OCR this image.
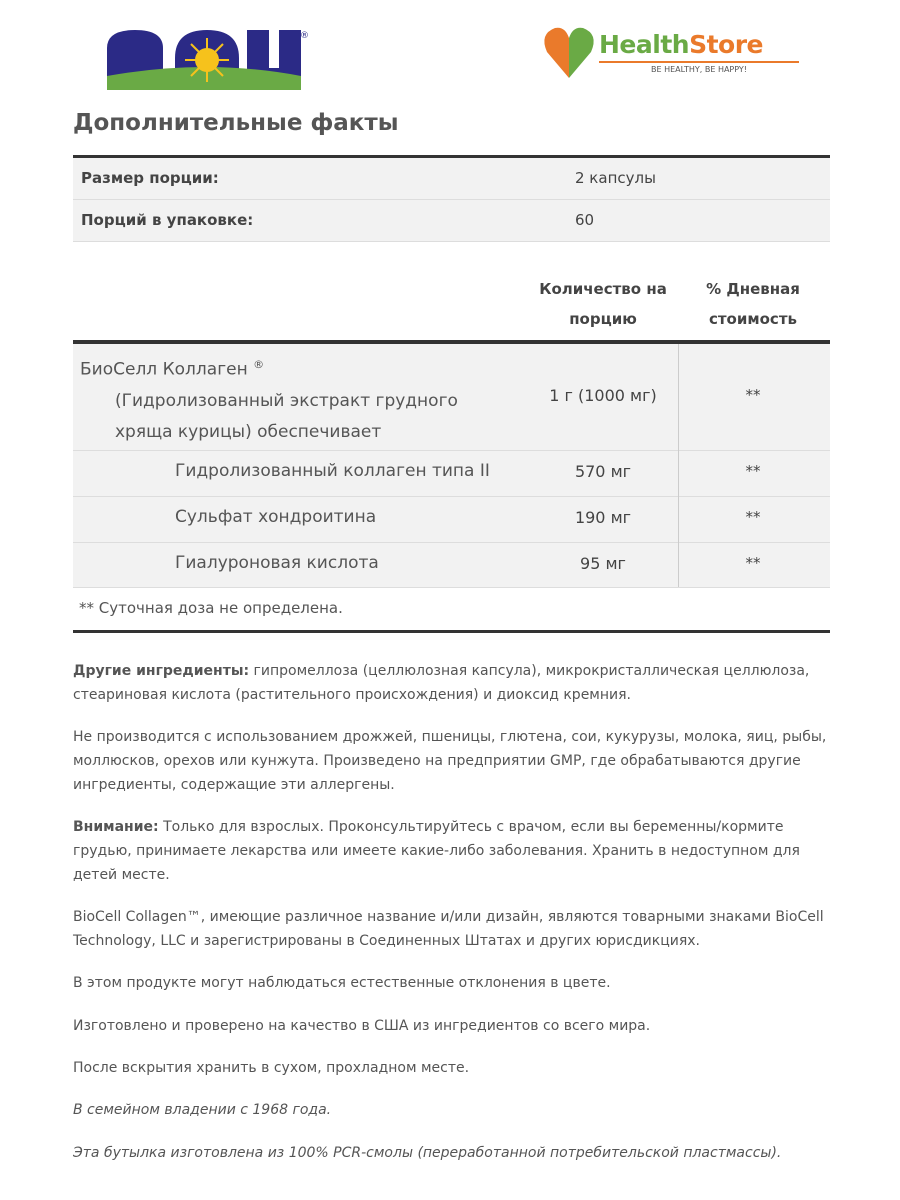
®	HealthStore
BE HEALTHY, BE HAPPY!
Дополнительные факты
Размер порции:	2 капсулы
Порций в упаковке:	60
Количество на порцию
% Дневная стоимость
БиоСелл Коллаген ®

(Гидролизованный экстракт грудного хряща курицы) обеспечивает
1 г (1000 мг)	**
Гидролизованный коллаген типа II	570 мг	**
Сульфат хондроитина	190 мг	**
Гиалуроновая кислота	95 мг	**
** Суточная доза не определена.
Другие ингредиенты: гипромеллоза (целлюлозная капсула), микрокристаллическая целлюлоза, стеариновая кислота (растительного происхождения) и диоксид кремния.
Не производится с использованием дрожжей, пшеницы, глютена, сои, кукурузы, молока, яиц, рыбы, моллюсков, орехов или кунжута. Произведено на предприятии GMP, где обрабатываются другие ингредиенты, содержащие эти аллергены.
Внимание: Только для взрослых. Проконсультируйтесь с врачом, если вы беременны/кормите грудью, принимаете лекарства или имеете какие-либо заболевания. Хранить в недоступном для детей месте.
BioCell Collagen™, имеющие различное название и/или дизайн, являются товарными знаками BioCell Technology, LLC и зарегистрированы в Соединенных Штатах и других юрисдикциях.
В этом продукте могут наблюдаться естественные отклонения в цвете.
Изготовлено и проверено на качество в США из ингредиентов со всего мира.
После вскрытия хранить в сухом, прохладном месте.
В семейном владении с 1968 года.
Эта бутылка изготовлена из 100% PCR-смолы (переработанной потребительской пластмассы).
